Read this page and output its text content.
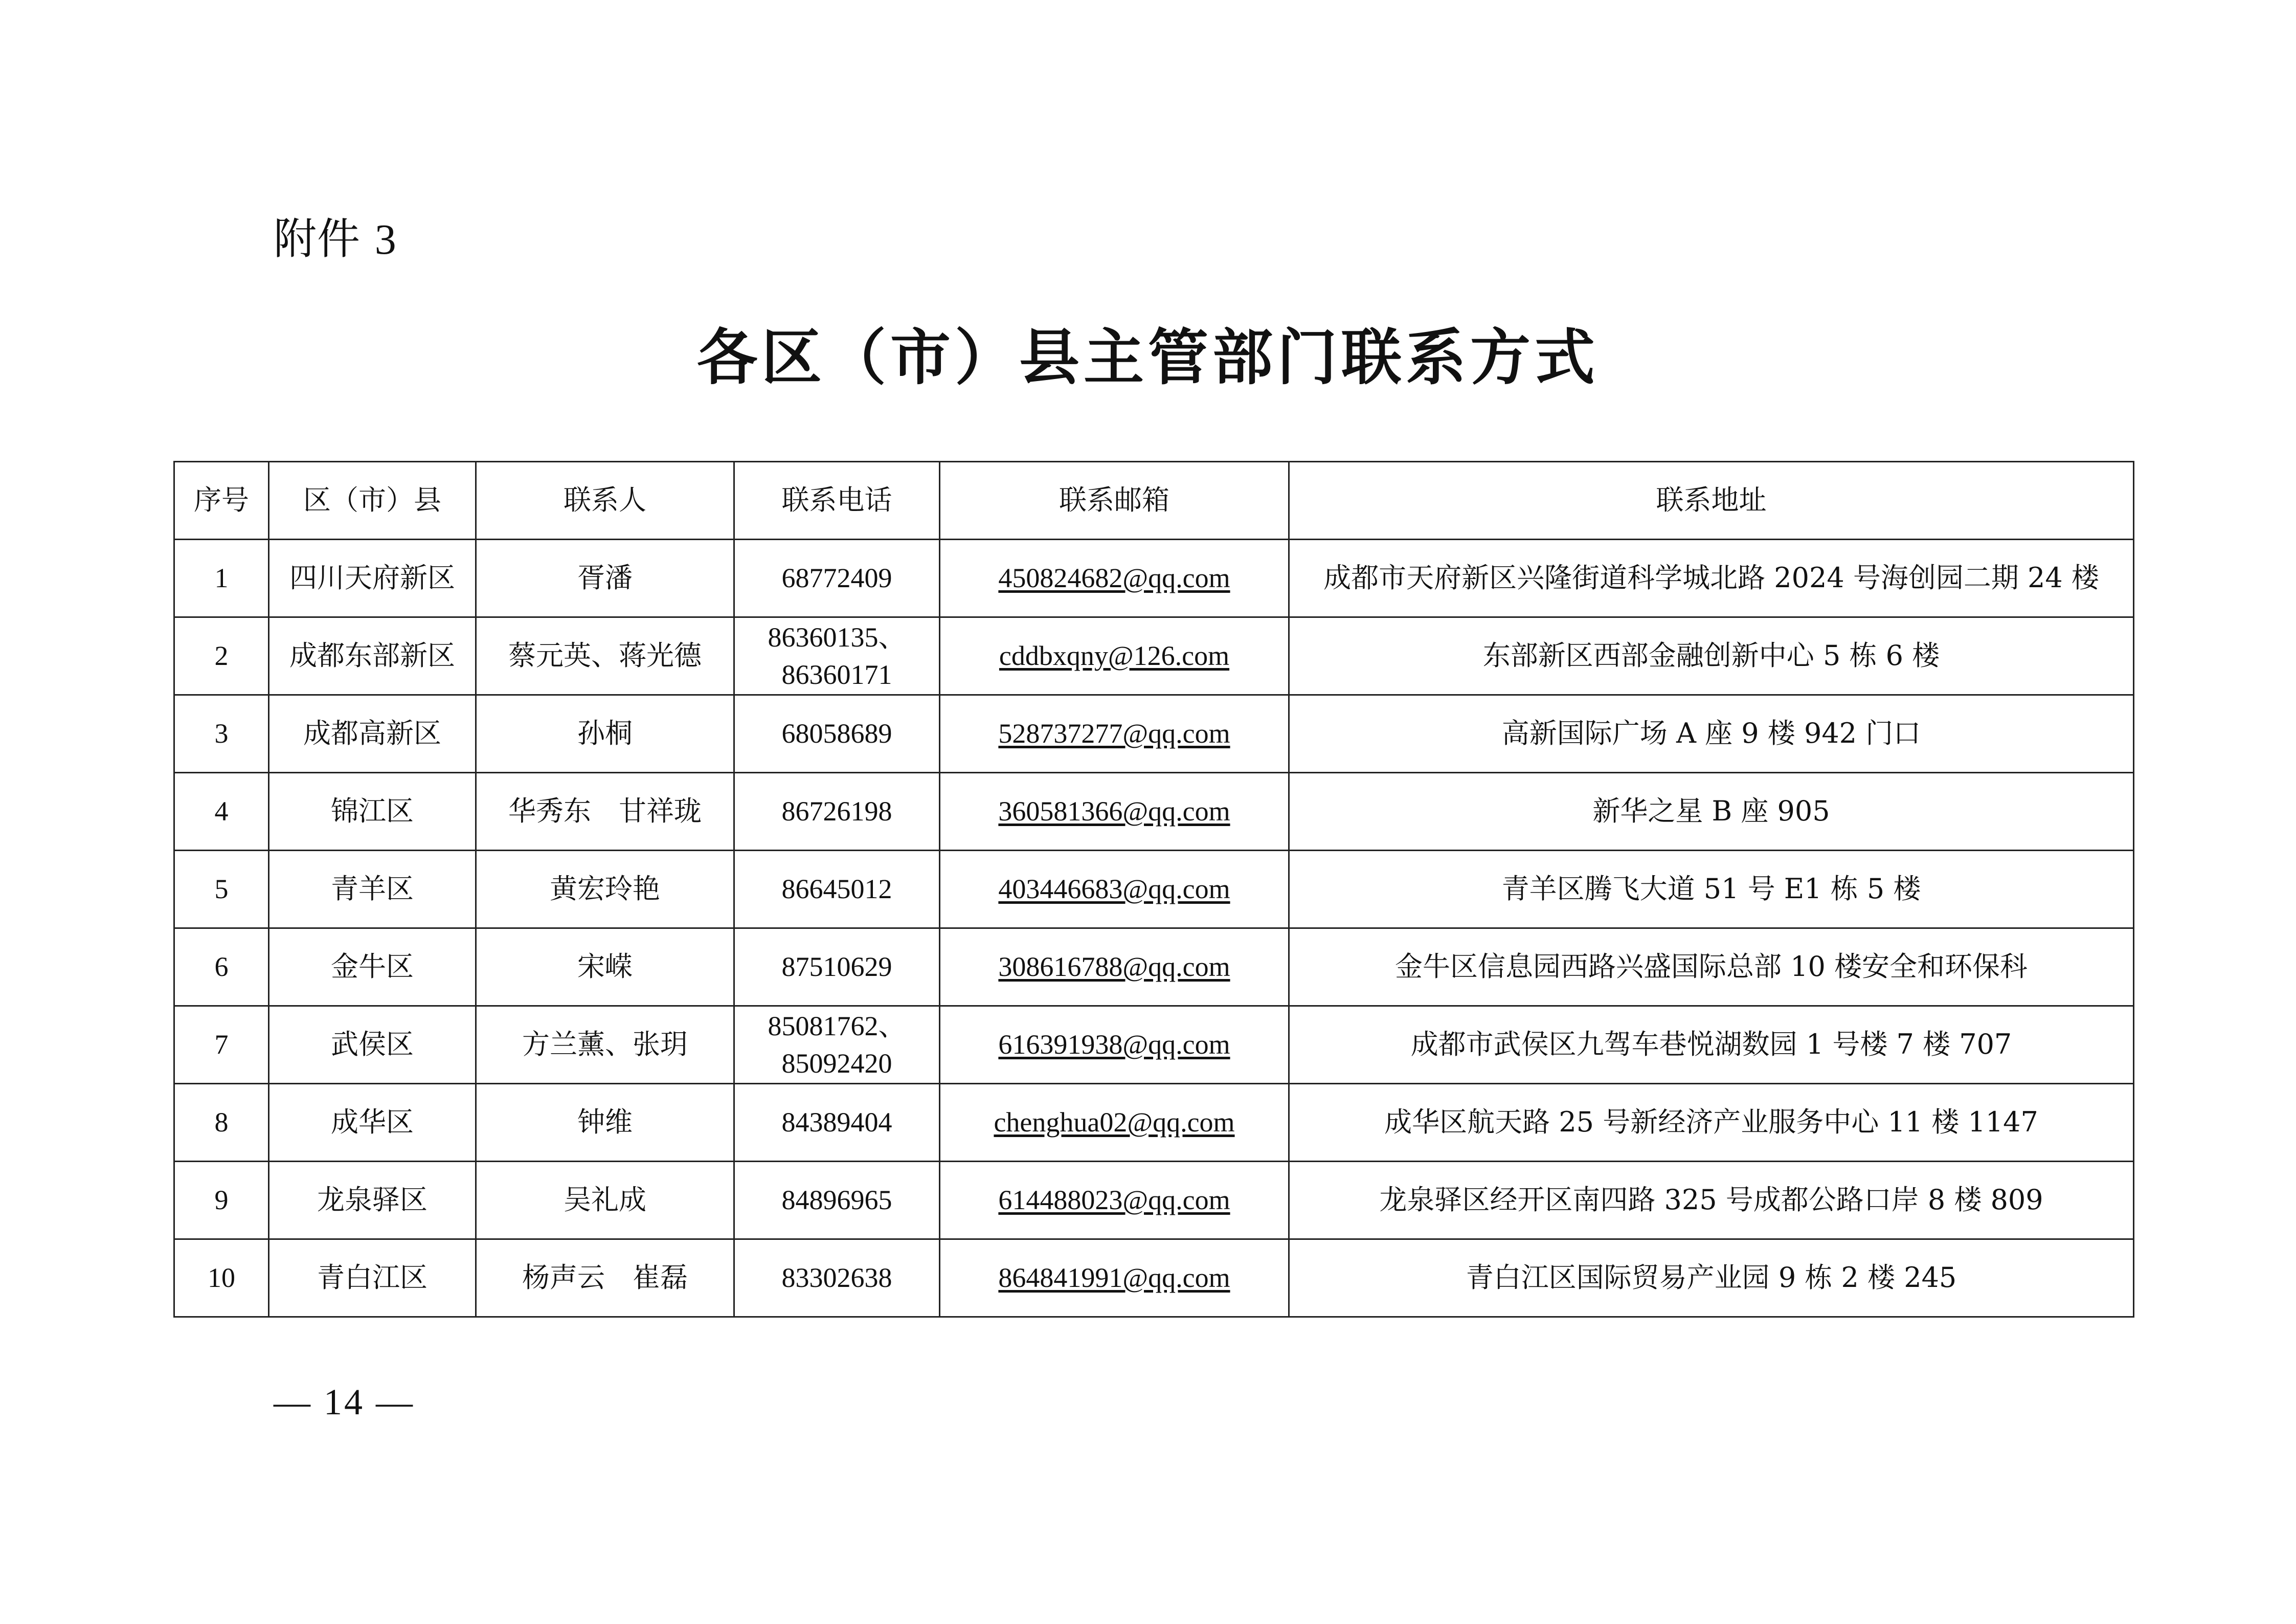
附件 3
各区（市）县主管部门联系方式
序号	区（市）县	联系人	联系电话	联系邮箱	联系地址
1	四川天府新区	胥潘	68772409	450824682@qq.com	成都市天府新区兴隆街道科学城北路 2024 号海创园二期 24 楼
2	成都东部新区	蔡元英、蒋光德	86360135、
86360171	cddbxqny@126.com	东部新区西部金融创新中心 5 栋 6 楼
3	成都高新区	孙桐	68058689	528737277@qq.com	高新国际广场 A 座 9 楼 942 门口
4	锦江区	华秀东　甘祥珑	86726198	360581366@qq.com	新华之星 B 座 905
5	青羊区	黄宏玲艳	86645012	403446683@qq.com	青羊区腾飞大道 51 号 E1 栋 5 楼
6	金牛区	宋嵘	87510629	308616788@qq.com	金牛区信息园西路兴盛国际总部 10 楼安全和环保科
7	武侯区	方兰薰、张玥	85081762、
85092420	616391938@qq.com	成都市武侯区九驾车巷悦湖数园 1 号楼 7 楼 707
8	成华区	钟维	84389404	chenghua02@qq.com	成华区航天路 25 号新经济产业服务中心 11 楼 1147
9	龙泉驿区	吴礼成	84896965	614488023@qq.com	龙泉驿区经开区南四路 325 号成都公路口岸 8 楼 809
10	青白江区	杨声云　崔磊	83302638	864841991@qq.com	青白江区国际贸易产业园 9 栋 2 楼 245
— 14 —
